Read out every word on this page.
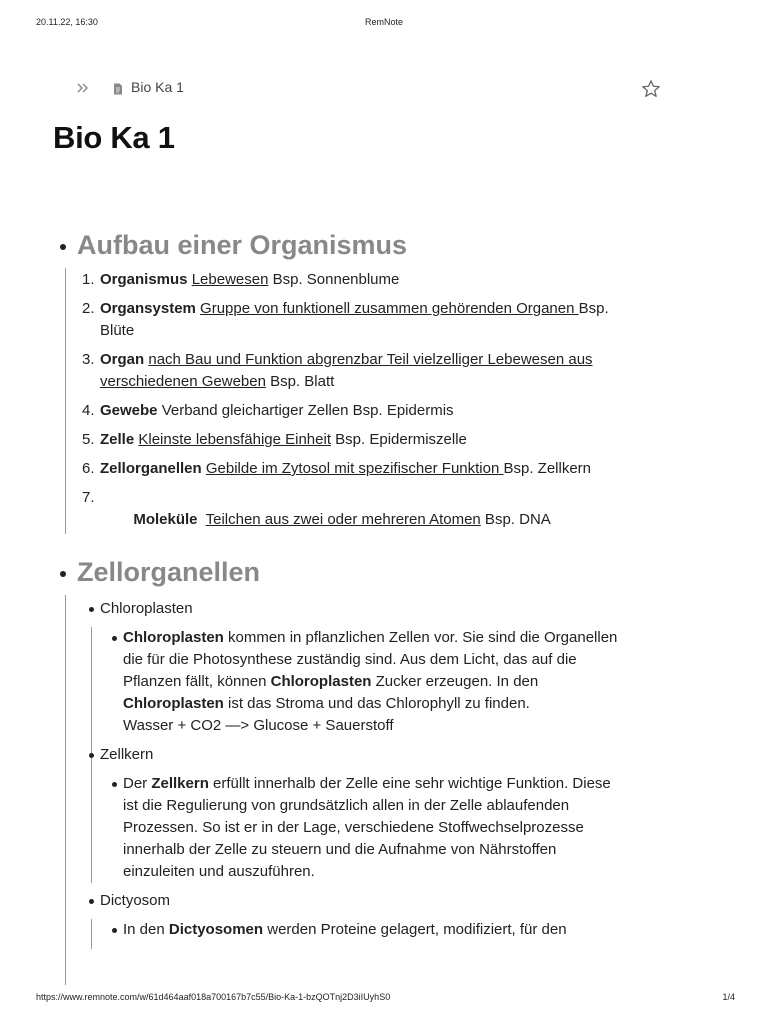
20.11.22, 16:30	RemNote
Bio Ka 1
Bio Ka 1
Aufbau einer Organismus
1. Organismus Lebewesen Bsp. Sonnenblume
2. Organsystem Gruppe von funktionell zusammen gehörenden Organen Bsp. Blüte
3. Organ nach Bau und Funktion abgrenzbar Teil vielzelliger Lebewesen aus verschiedenen Geweben Bsp. Blatt
4. Gewebe Verband gleichartiger Zellen Bsp. Epidermis
5. Zelle Kleinste lebensfähige Einheit Bsp. Epidermiszelle
6. Zellorganellen Gebilde im Zytosol mit spezifischer Funktion Bsp. Zellkern

7.
Moleküle Teilchen aus zwei oder mehreren Atomen Bsp. DNA

Zellorganellen
Chloroplasten
Chloroplasten kommen in pflanzlichen Zellen vor. Sie sind die Organellen die für die Photosynthese zuständig sind. Aus dem Licht, das auf die Pflanzen fällt, können Chloroplasten Zucker erzeugen. In den Chloroplasten ist das Stroma und das Chlorophyll zu finden.
Wasser + CO2 —> Glucose + Sauerstoff
Zellkern
Der Zellkern erfüllt innerhalb der Zelle eine sehr wichtige Funktion. Diese ist die Regulierung von grundsätzlich allen in der Zelle ablaufenden Prozessen. So ist er in der Lage, verschiedene Stoffwechselprozesse innerhalb der Zelle zu steuern und die Aufnahme von Nährstoffen einzuleiten und auszuführen.
Dictyosom
In den Dictyosomen werden Proteine gelagert, modifiziert, für den
https://www.remnote.com/w/61d464aaf018a700167b7c55/Bio-Ka-1-bzQOTnj2D3iIUyhS0	1/4
